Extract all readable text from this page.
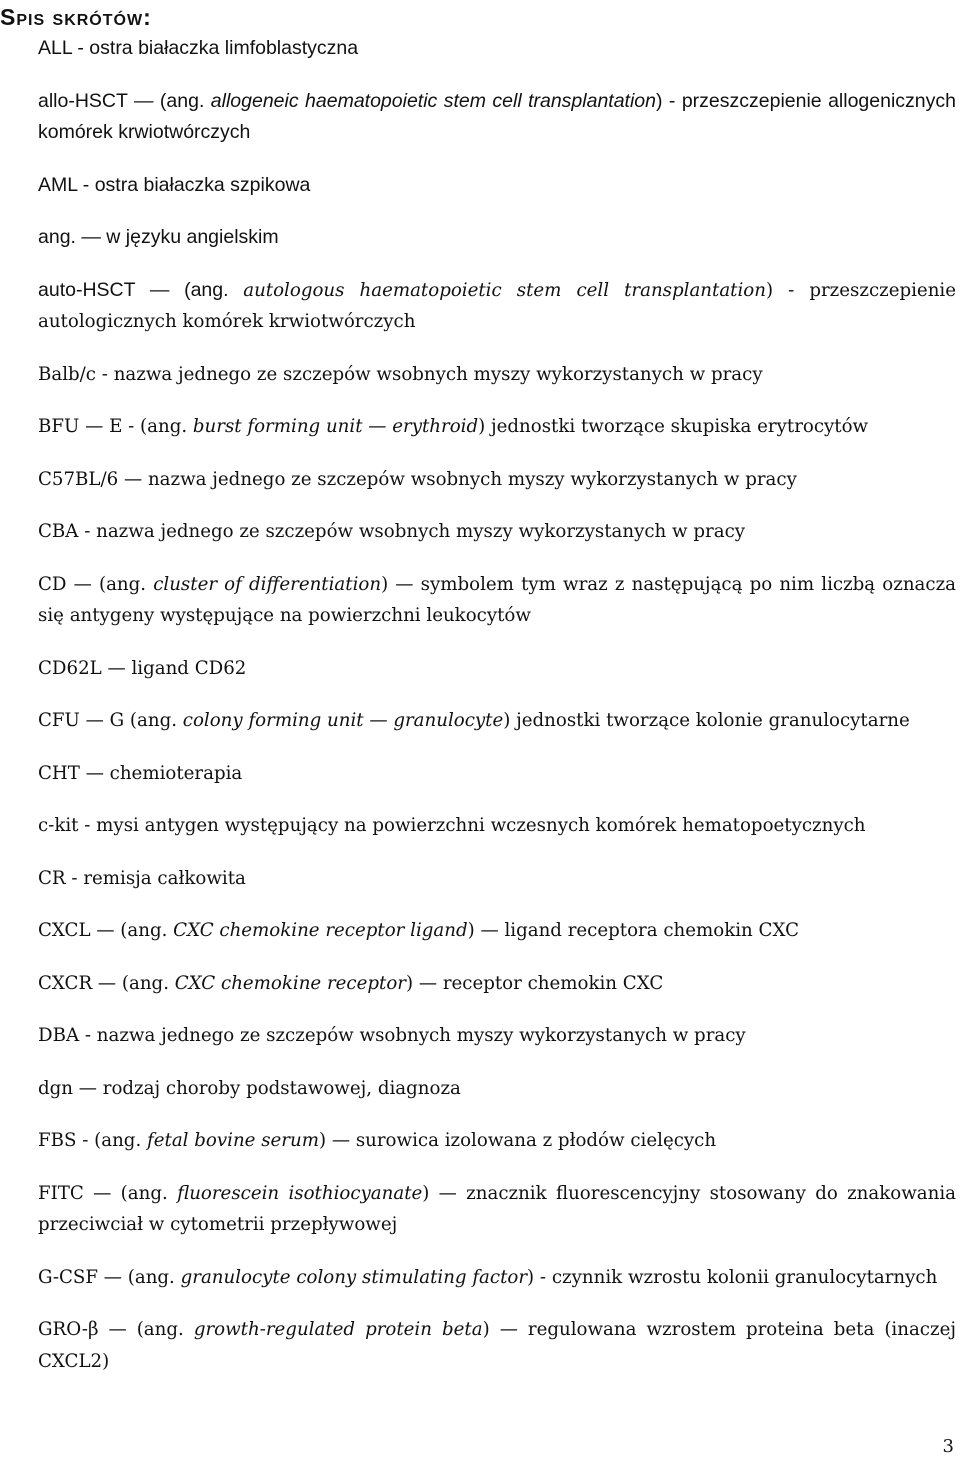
Spis skrótów:

ALL - ostra białaczka limfoblastyczna

allo-HSCT — (ang. allogeneic haematopoietic stem cell transplantation) - przeszczepienie allogenicznych komórek krwiotwórczych

AML - ostra białaczka szpikowa

ang. — w języku angielskim

auto-HSCT — (ang. autologous haematopoietic stem cell transplantation) - przeszczepienie autologicznych komórek krwiotwórczych

Balb/c - nazwa jednego ze szczepów wsobnych myszy wykorzystanych w pracy

BFU — E - (ang. burst forming unit — erythroid) jednostki tworzące skupiska erytrocytów

C57BL/6 — nazwa jednego ze szczepów wsobnych myszy wykorzystanych w pracy

CBA - nazwa jednego ze szczepów wsobnych myszy wykorzystanych w pracy

CD — (ang. cluster of differentiation) — symbolem tym wraz z następującą po nim liczbą oznacza się antygeny występujące na powierzchni leukocytów

CD62L — ligand CD62

CFU — G (ang. colony forming unit — granulocyte) jednostki tworzące kolonie granulocytarne

CHT — chemioterapia

c-kit - mysi antygen występujący na powierzchni wczesnych komórek hematopoetycznych

CR - remisja całkowita

CXCL — (ang. CXC chemokine receptor ligand) — ligand receptora chemokin CXC

CXCR — (ang. CXC chemokine receptor) — receptor chemokin CXC

DBA - nazwa jednego ze szczepów wsobnych myszy wykorzystanych w pracy

dgn — rodzaj choroby podstawowej, diagnoza

FBS - (ang. fetal bovine serum) — surowica izolowana z płodów cielęcych

FITC — (ang. fluorescein isothiocyanate) — znacznik fluorescencyjny stosowany do znakowania przeciwciał w cytometrii przepływowej

G-CSF — (ang. granulocyte colony stimulating factor) - czynnik wzrostu kolonii granulocytarnych

GRO-β — (ang. growth-regulated protein beta) — regulowana wzrostem proteina beta (inaczej CXCL2)

3
